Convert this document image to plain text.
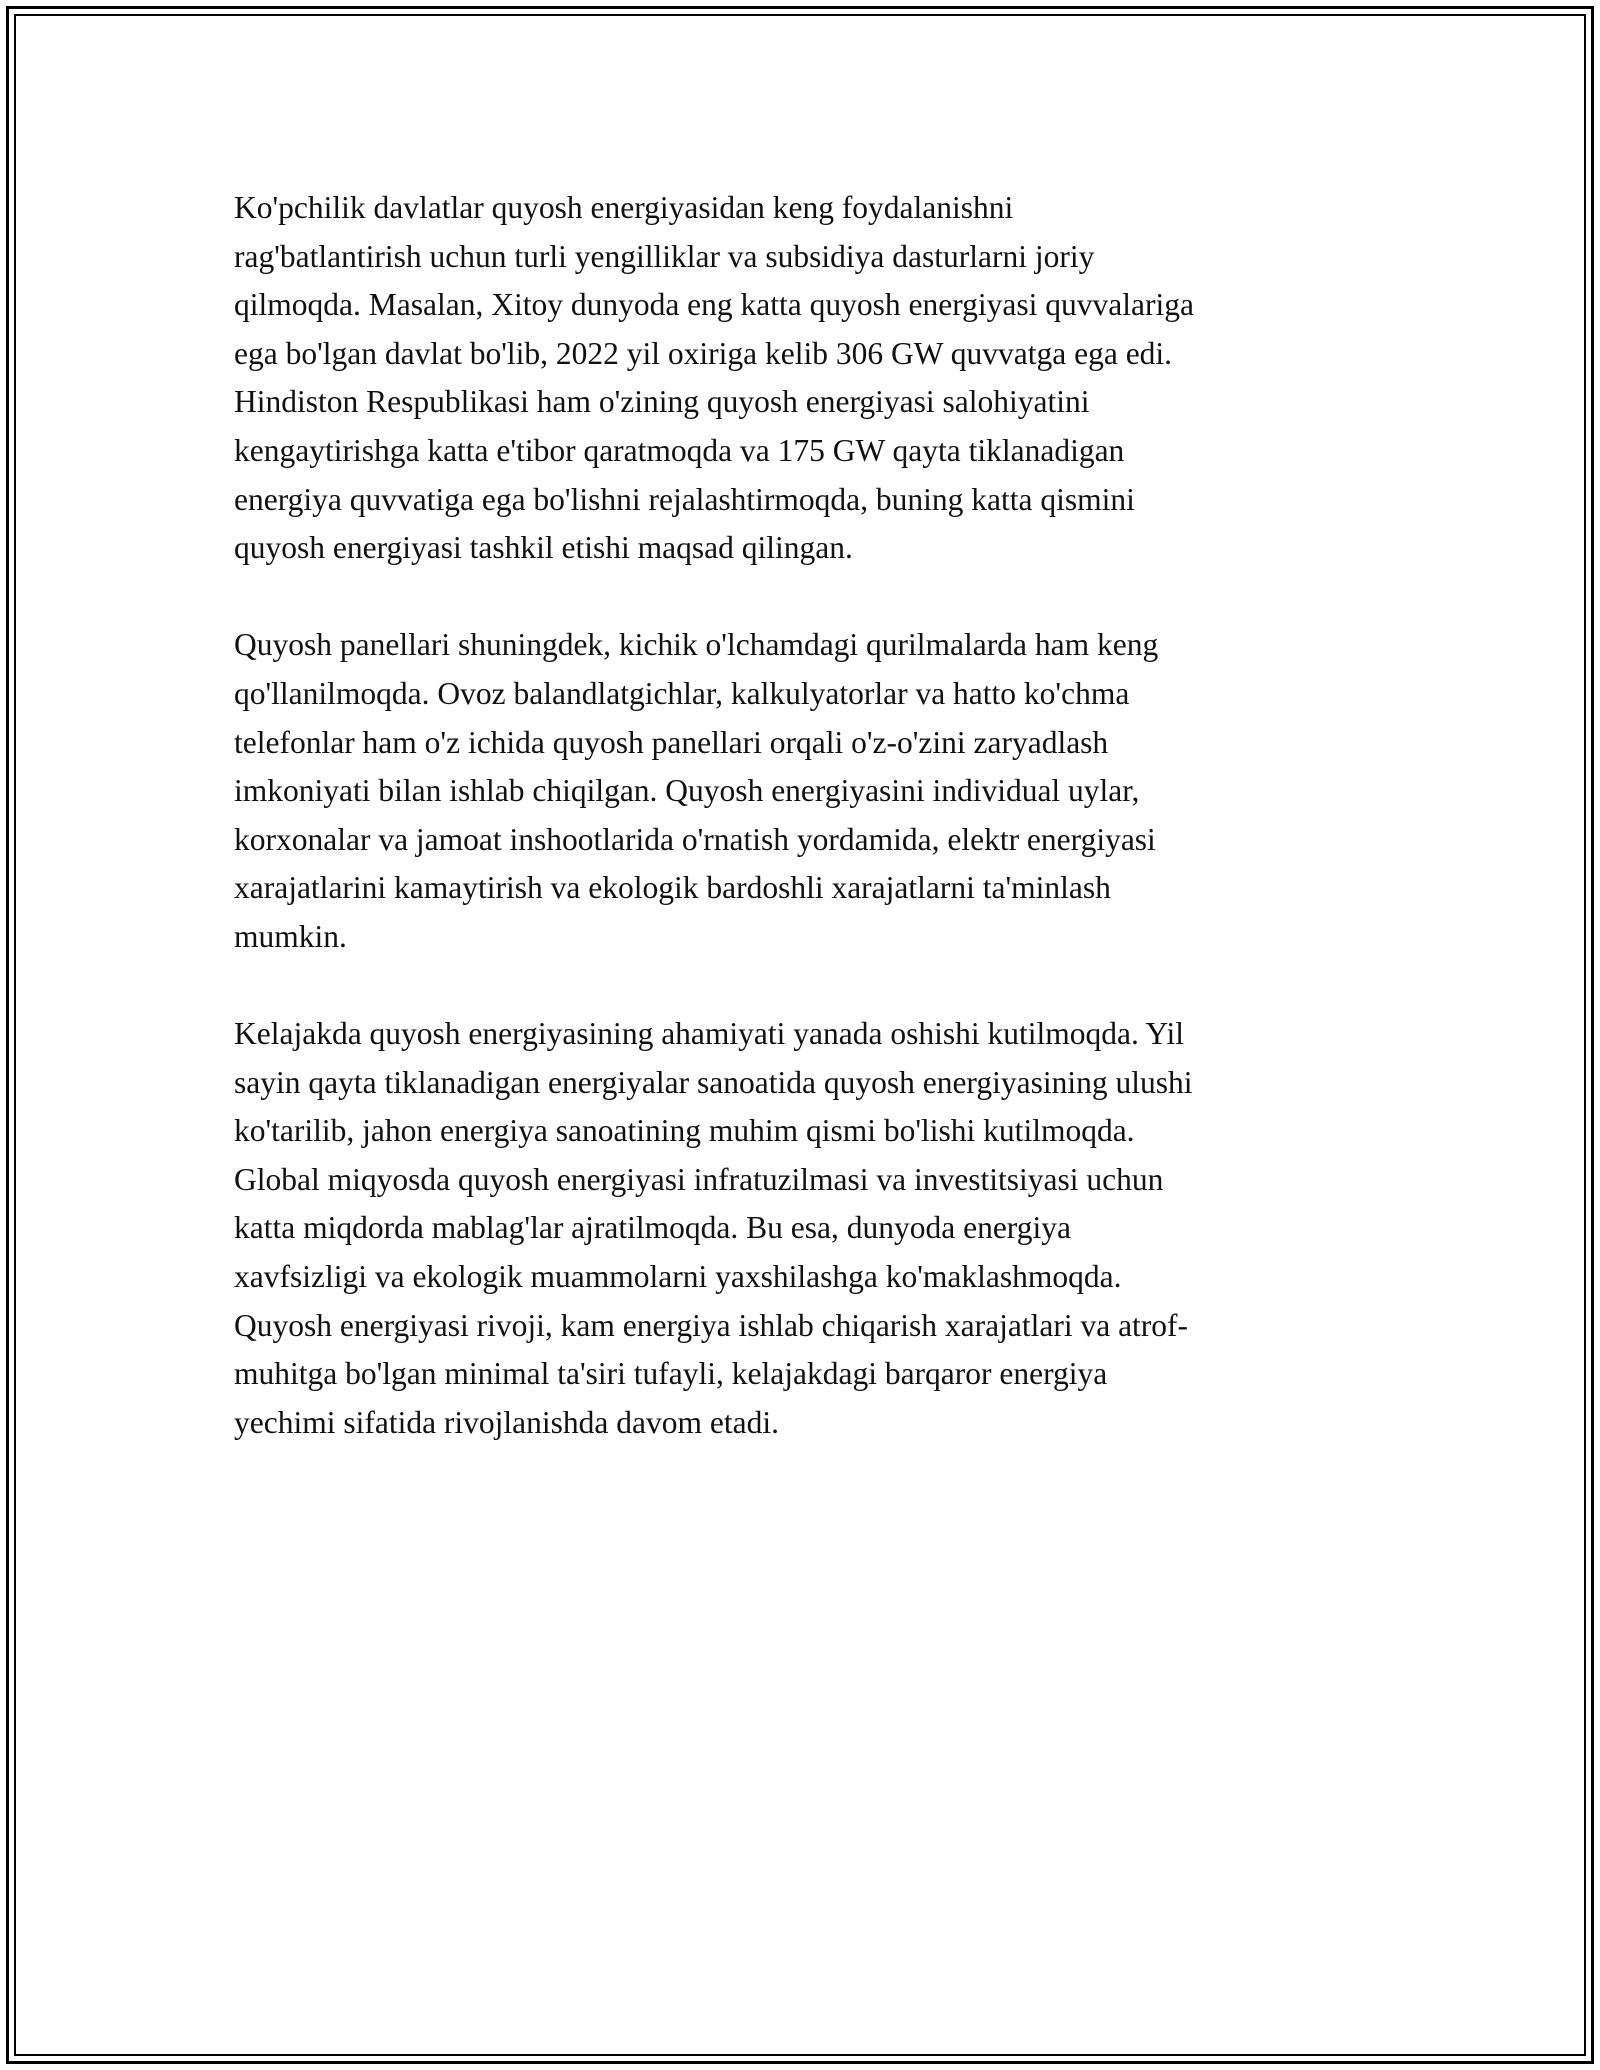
Ko'pchilik davlatlar quyosh energiyasidan keng foydalanishni
rag'batlantirish uchun turli yengilliklar va subsidiya dasturlarni joriy
qilmoqda. Masalan, Xitoy dunyoda eng katta quyosh energiyasi quvvalariga
ega bo'lgan davlat bo'lib, 2022 yil oxiriga kelib 306 GW quvvatga ega edi.
Hindiston Respublikasi ham o'zining quyosh energiyasi salohiyatini
kengaytirishga katta e'tibor qaratmoqda va 175 GW qayta tiklanadigan
energiya quvvatiga ega bo'lishni rejalashtirmoqda, buning katta qismini
quyosh energiyasi tashkil etishi maqsad qilingan.

Quyosh panellari shuningdek, kichik o'lchamdagi qurilmalarda ham keng
qo'llanilmoqda. Ovoz balandlatgichlar, kalkulyatorlar va hatto ko'chma
telefonlar ham o'z ichida quyosh panellari orqali o'z-o'zini zaryadlash
imkoniyati bilan ishlab chiqilgan. Quyosh energiyasini individual uylar,
korxonalar va jamoat inshootlarida o'rnatish yordamida, elektr energiyasi
xarajatlarini kamaytirish va ekologik bardoshli xarajatlarni ta'minlash
mumkin.

Kelajakda quyosh energiyasining ahamiyati yanada oshishi kutilmoqda. Yil
sayin qayta tiklanadigan energiyalar sanoatida quyosh energiyasining ulushi
ko'tarilib, jahon energiya sanoatining muhim qismi bo'lishi kutilmoqda.
Global miqyosda quyosh energiyasi infratuzilmasi va investitsiyasi uchun
katta miqdorda mablag'lar ajratilmoqda. Bu esa, dunyoda energiya
xavfsizligi va ekologik muammolarni yaxshilashga ko'maklashmoqda.
Quyosh energiyasi rivoji, kam energiya ishlab chiqarish xarajatlari va atrof-
muhitga bo'lgan minimal ta'siri tufayli, kelajakdagi barqaror energiya
yechimi sifatida rivojlanishda davom etadi.
